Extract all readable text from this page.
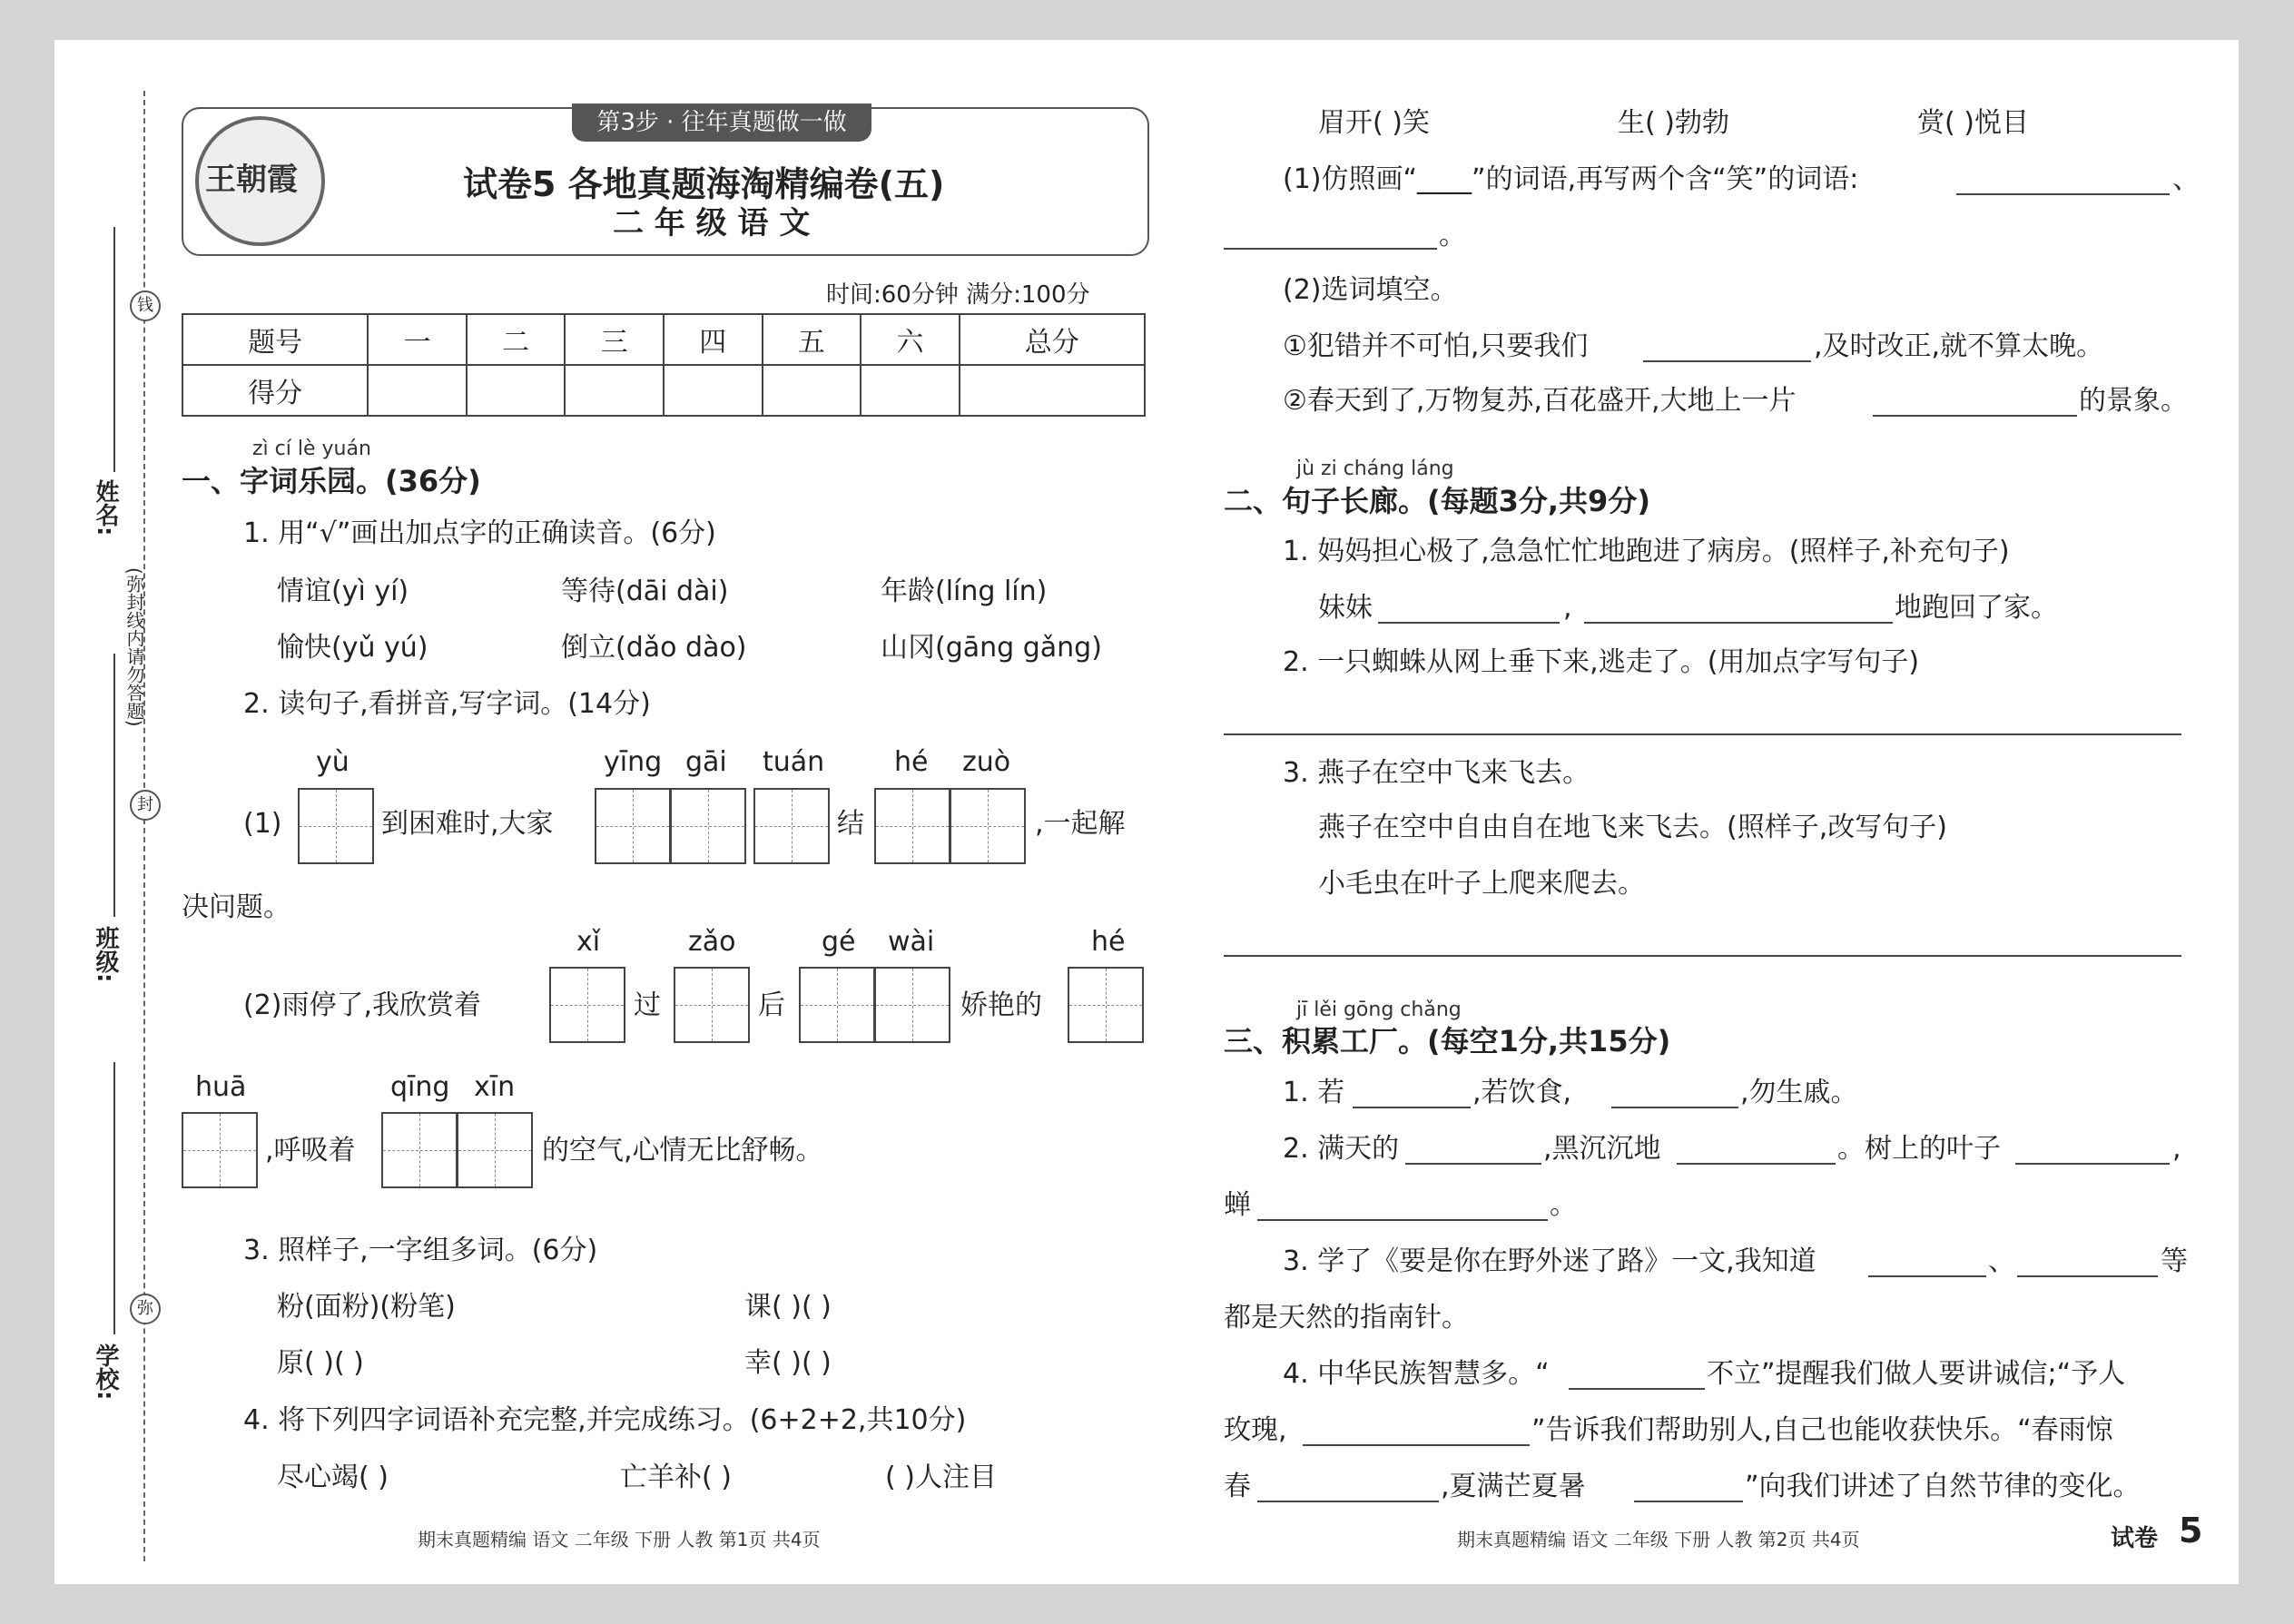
姓名:
班级:
学校:
钱
封
弥
(弥封线内请勿答题)
第3步 · 往年真题做一做
王朝霞	试卷5 各地真题海淘精编卷(五)
二 年 级 语 文
时间:60分钟 满分:100分
题号	一	二	三	四	五	六	总分
得分							
zì cí lè yuán
一、字词乐园。(36分)
1. 用“√”画出加点字的正确读音。(6分)
情谊(yì yí)	等待(dāi dài)	年龄(líng lín)
愉快(yǔ yú)	倒立(dǎo dào)	山冈(gāng gǎng)
2. 读句子,看拼音,写字词。(14分)
yù	yīng gāi tuán	hé zuò
(1)	到困难时,大家	结	,一起解
决问题。
xǐ	zǎo	gé wài	hé
(2)雨停了,我欣赏着	过	后	娇艳的
huā	qīng xīn
,呼吸着	的空气,心情无比舒畅。
3. 照样子,一字组多词。(6分)
粉(面粉)(粉笔)	课( )( )
原( )( )	幸( )( )
4. 将下列四字词语补充完整,并完成练习。(6+2+2,共10分)
尽心竭( )	亡羊补( )	( )人注目
期末真题精编 语文 二年级 下册 人教 第1页 共4页
眉开( )笑	生( )勃勃	赏( )悦目
(1)仿照画“____”的词语,再写两个含“笑”的词语:	、
。
(2)选词填空。
①犯错并不可怕,只要我们	,及时改正,就不算太晚。
②春天到了,万物复苏,百花盛开,大地上一片	的景象。
jù zi cháng láng
二、句子长廊。(每题3分,共9分)
1. 妈妈担心极了,急急忙忙地跑进了病房。(照样子,补充句子)
妹妹	,	地跑回了家。
2. 一只蜘蛛从网上垂下来,逃走了。(用加点字写句子)
3. 燕子在空中飞来飞去。
燕子在空中自由自在地飞来飞去。(照样子,改写句子)
小毛虫在叶子上爬来爬去。
jī lěi gōng chǎng
三、积累工厂。(每空1分,共15分)
1. 若	,若饮食,	,勿生戚。
2. 满天的	,黑沉沉地	。树上的叶子	,
蝉	。
3. 学了《要是你在野外迷了路》一文,我知道	、	等
都是天然的指南针。
4. 中华民族智慧多。“	不立”提醒我们做人要讲诚信;“予人
玫瑰,	”告诉我们帮助别人,自己也能收获快乐。“春雨惊
春	,夏满芒夏暑	”向我们讲述了自然节律的变化。
期末真题精编 语文 二年级 下册 人教 第2页 共4页	试卷 5
